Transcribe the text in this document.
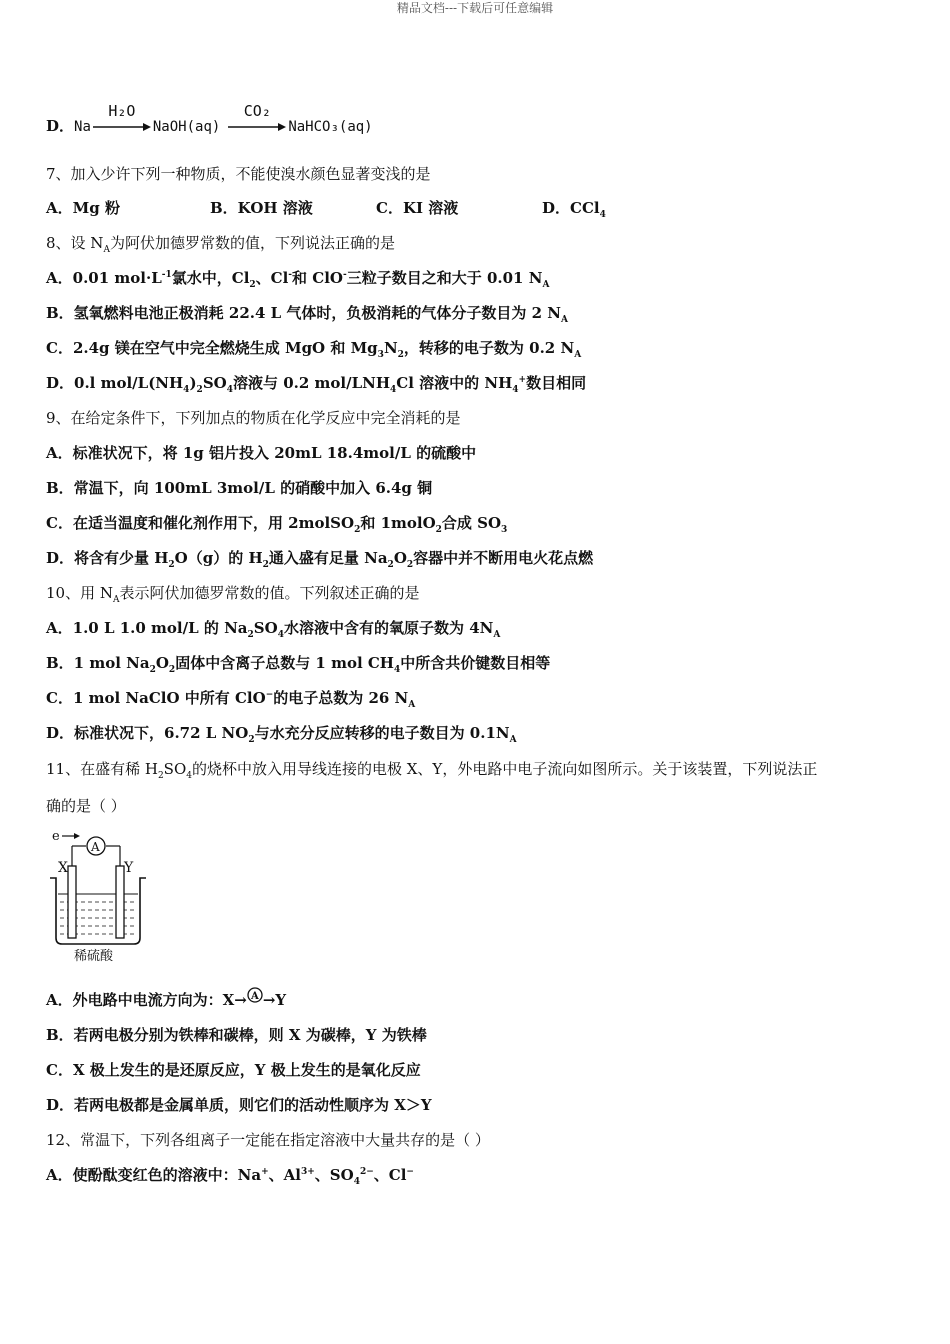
精品文档---下载后可任意编辑
D．Na
H₂O
NaOH(aq)
CO₂
NaHCO₃(aq)
7、加入少许下列一种物质，不能使溴水颜色显著变浅的是
A．Mg 粉	B．KOH 溶液	C．KI 溶液	D．CCl$_4$
8、设 $N_A$为阿伏加德罗常数的值，下列说法正确的是
A．0.01 $mol\cdot L^{-1}$氯水中，$Cl_2$、Cl-和 ClO-三粒子数目之和大于 0.01 $N_A$
B．氢氧燃料电池正极消耗 22.4 L 气体时，负极消耗的气体分子数目为 2 $N_A$
C．2.4g 镁在空气中完全燃烧生成 MgO 和 $Mg_3N_2$，转移的电子数为 0.2 $N_A$
D．0.l mol/$L(NH_4)_2SO_4$溶液与 0.2 mol/$LNH_4Cl$ 溶液中的 $NH_4^+$数目相同
9、在给定条件下，下列加点的物质在化学反应中完全消耗的是
A．标准状况下，将 1g 铝片投入 20mL 18.4mol/L 的硫酸中
B．常温下，向 100mL 3mol/L 的硝酸中加入 6.4g 铜
C．在适当温度和催化剂作用下，用 2molSO$_2$和 1molO$_2$合成 $SO_3$
D．将含有少量 $H_2O(g)$的 $H_2$通入盛有足量 $Na_2O_2$容器中并不断用电火花点燃
10、用 $N_A$表示阿伏加德罗常数的值。下列叙述正确的是
A．1.0 L 1.0 mol/L 的 $Na_2SO_4$水溶液中含有的氧原子数为 $4N_A$
B．1 mol $Na_2O_2$固体中含离子总数与 1 mol $CH_4$中所含共价键数目相等
C．1 mol NaClO 中所有 ClO−的电子总数为 26 $N_A$
D．标准状况下，6.72 L $NO_2$与水充分反应转移的电子数目为 $0.1N_A$
11、在盛有稀 $H_2SO_4$的烧杯中放入用导线连接的电极 X、Y，外电路中电子流向如图所示。关于该装置，下列说法正
确的是（ ）
e
A
X	Y
稀硫酸
A．外电路中电流方向为：X→ A →Y
B．若两电极分别为铁棒和碳棒，则 X 为碳棒，Y 为铁棒
C．X 极上发生的是还原反应，Y 极上发生的是氧化反应
D．若两电极都是金属单质，则它们的活动性顺序为 X＞Y
12、常温下，下列各组离子一定能在指定溶液中大量共存的是（ ）
A．使酚酞变红色的溶液中：Na+、$Al^{3+}$、$SO_4^{2-}$、Cl−
